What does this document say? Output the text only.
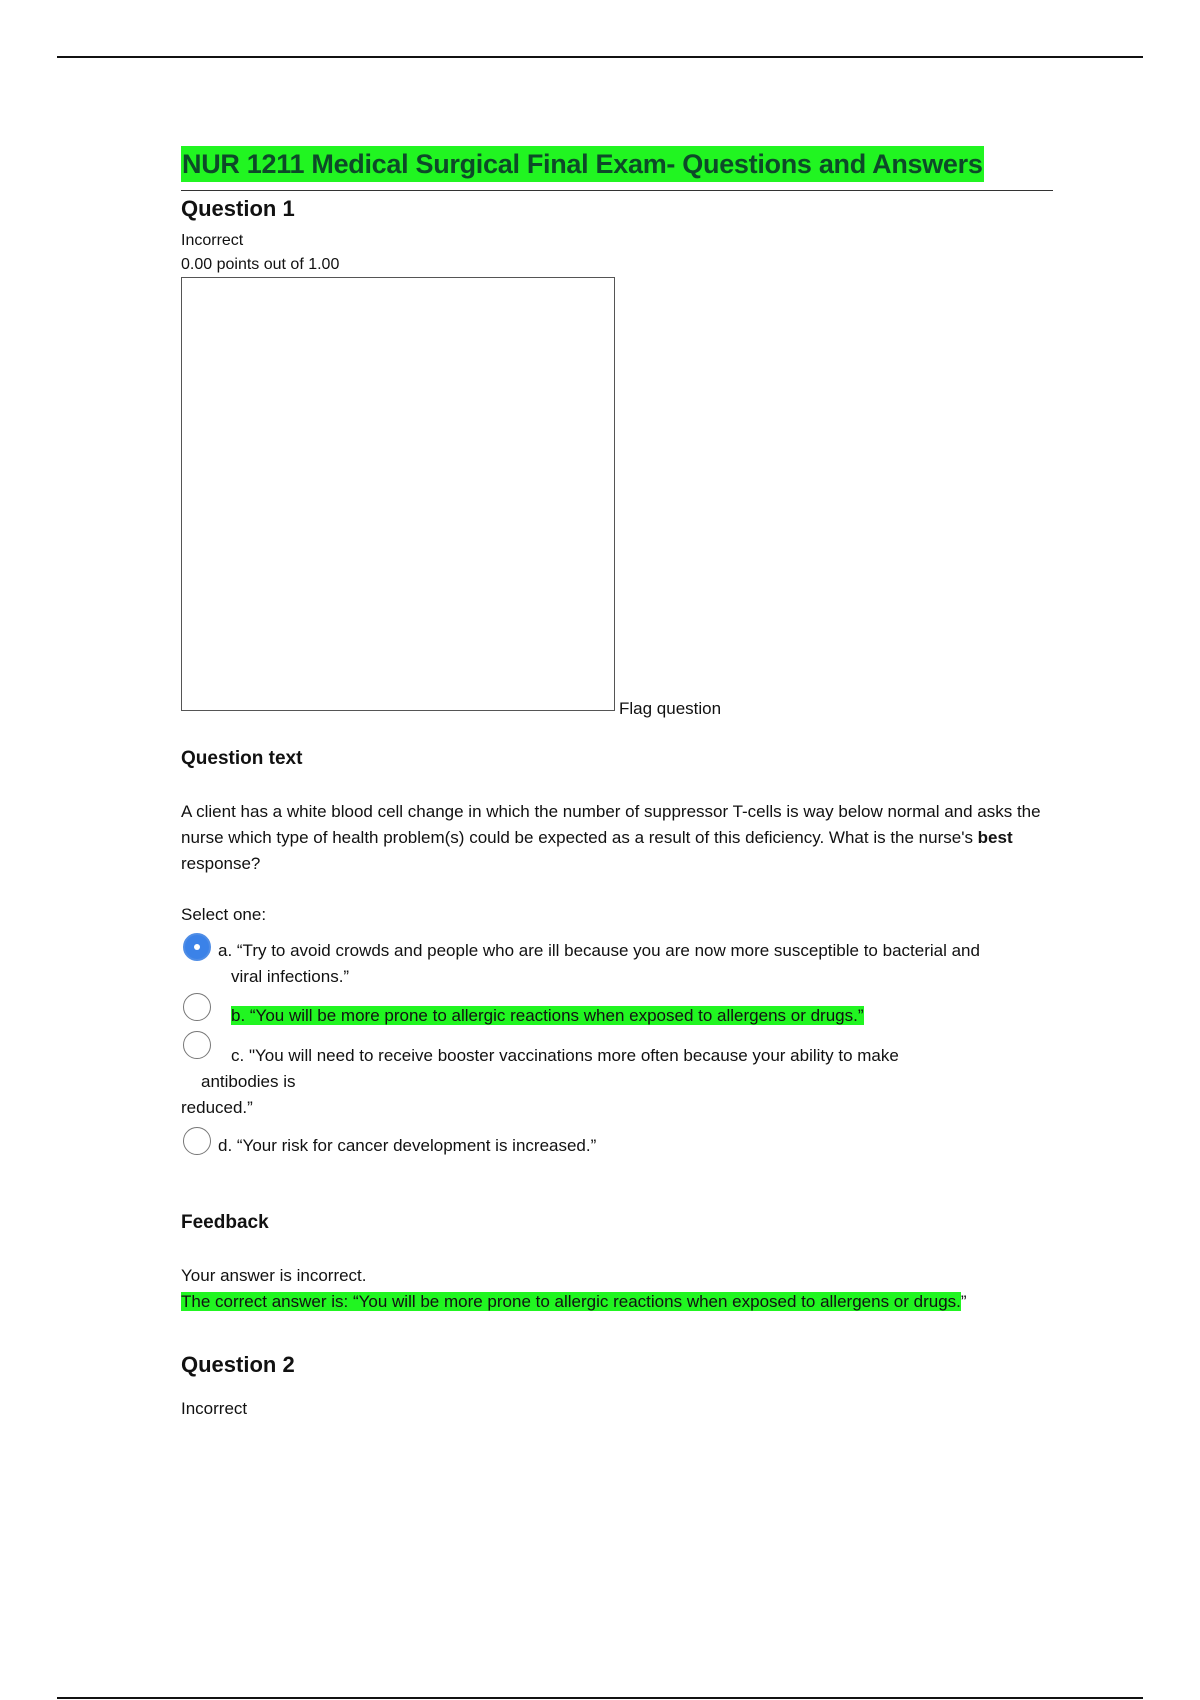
NUR 1211 Medical Surgical Final Exam- Questions and Answers
Question 1
Incorrect
0.00 points out of 1.00
Flag question
Question text
A client has a white blood cell change in which the number of suppressor T-cells is way below normal and asks the nurse which type of health problem(s) could be expected as a result of this deficiency. What is the nurse's best response?
Select one:
a. “Try to avoid crowds and people who are ill because you are now more susceptible to bacterial and
viral infections.”
b. “You will be more prone to allergic reactions when exposed to allergens or drugs.”
c. "You will need to receive booster vaccinations more often because your ability to make
antibodies is
reduced.”
d. “Your risk for cancer development is increased.”
Feedback
Your answer is incorrect.
The correct answer is: “You will be more prone to allergic reactions when exposed to allergens or drugs.”
Question 2
Incorrect
